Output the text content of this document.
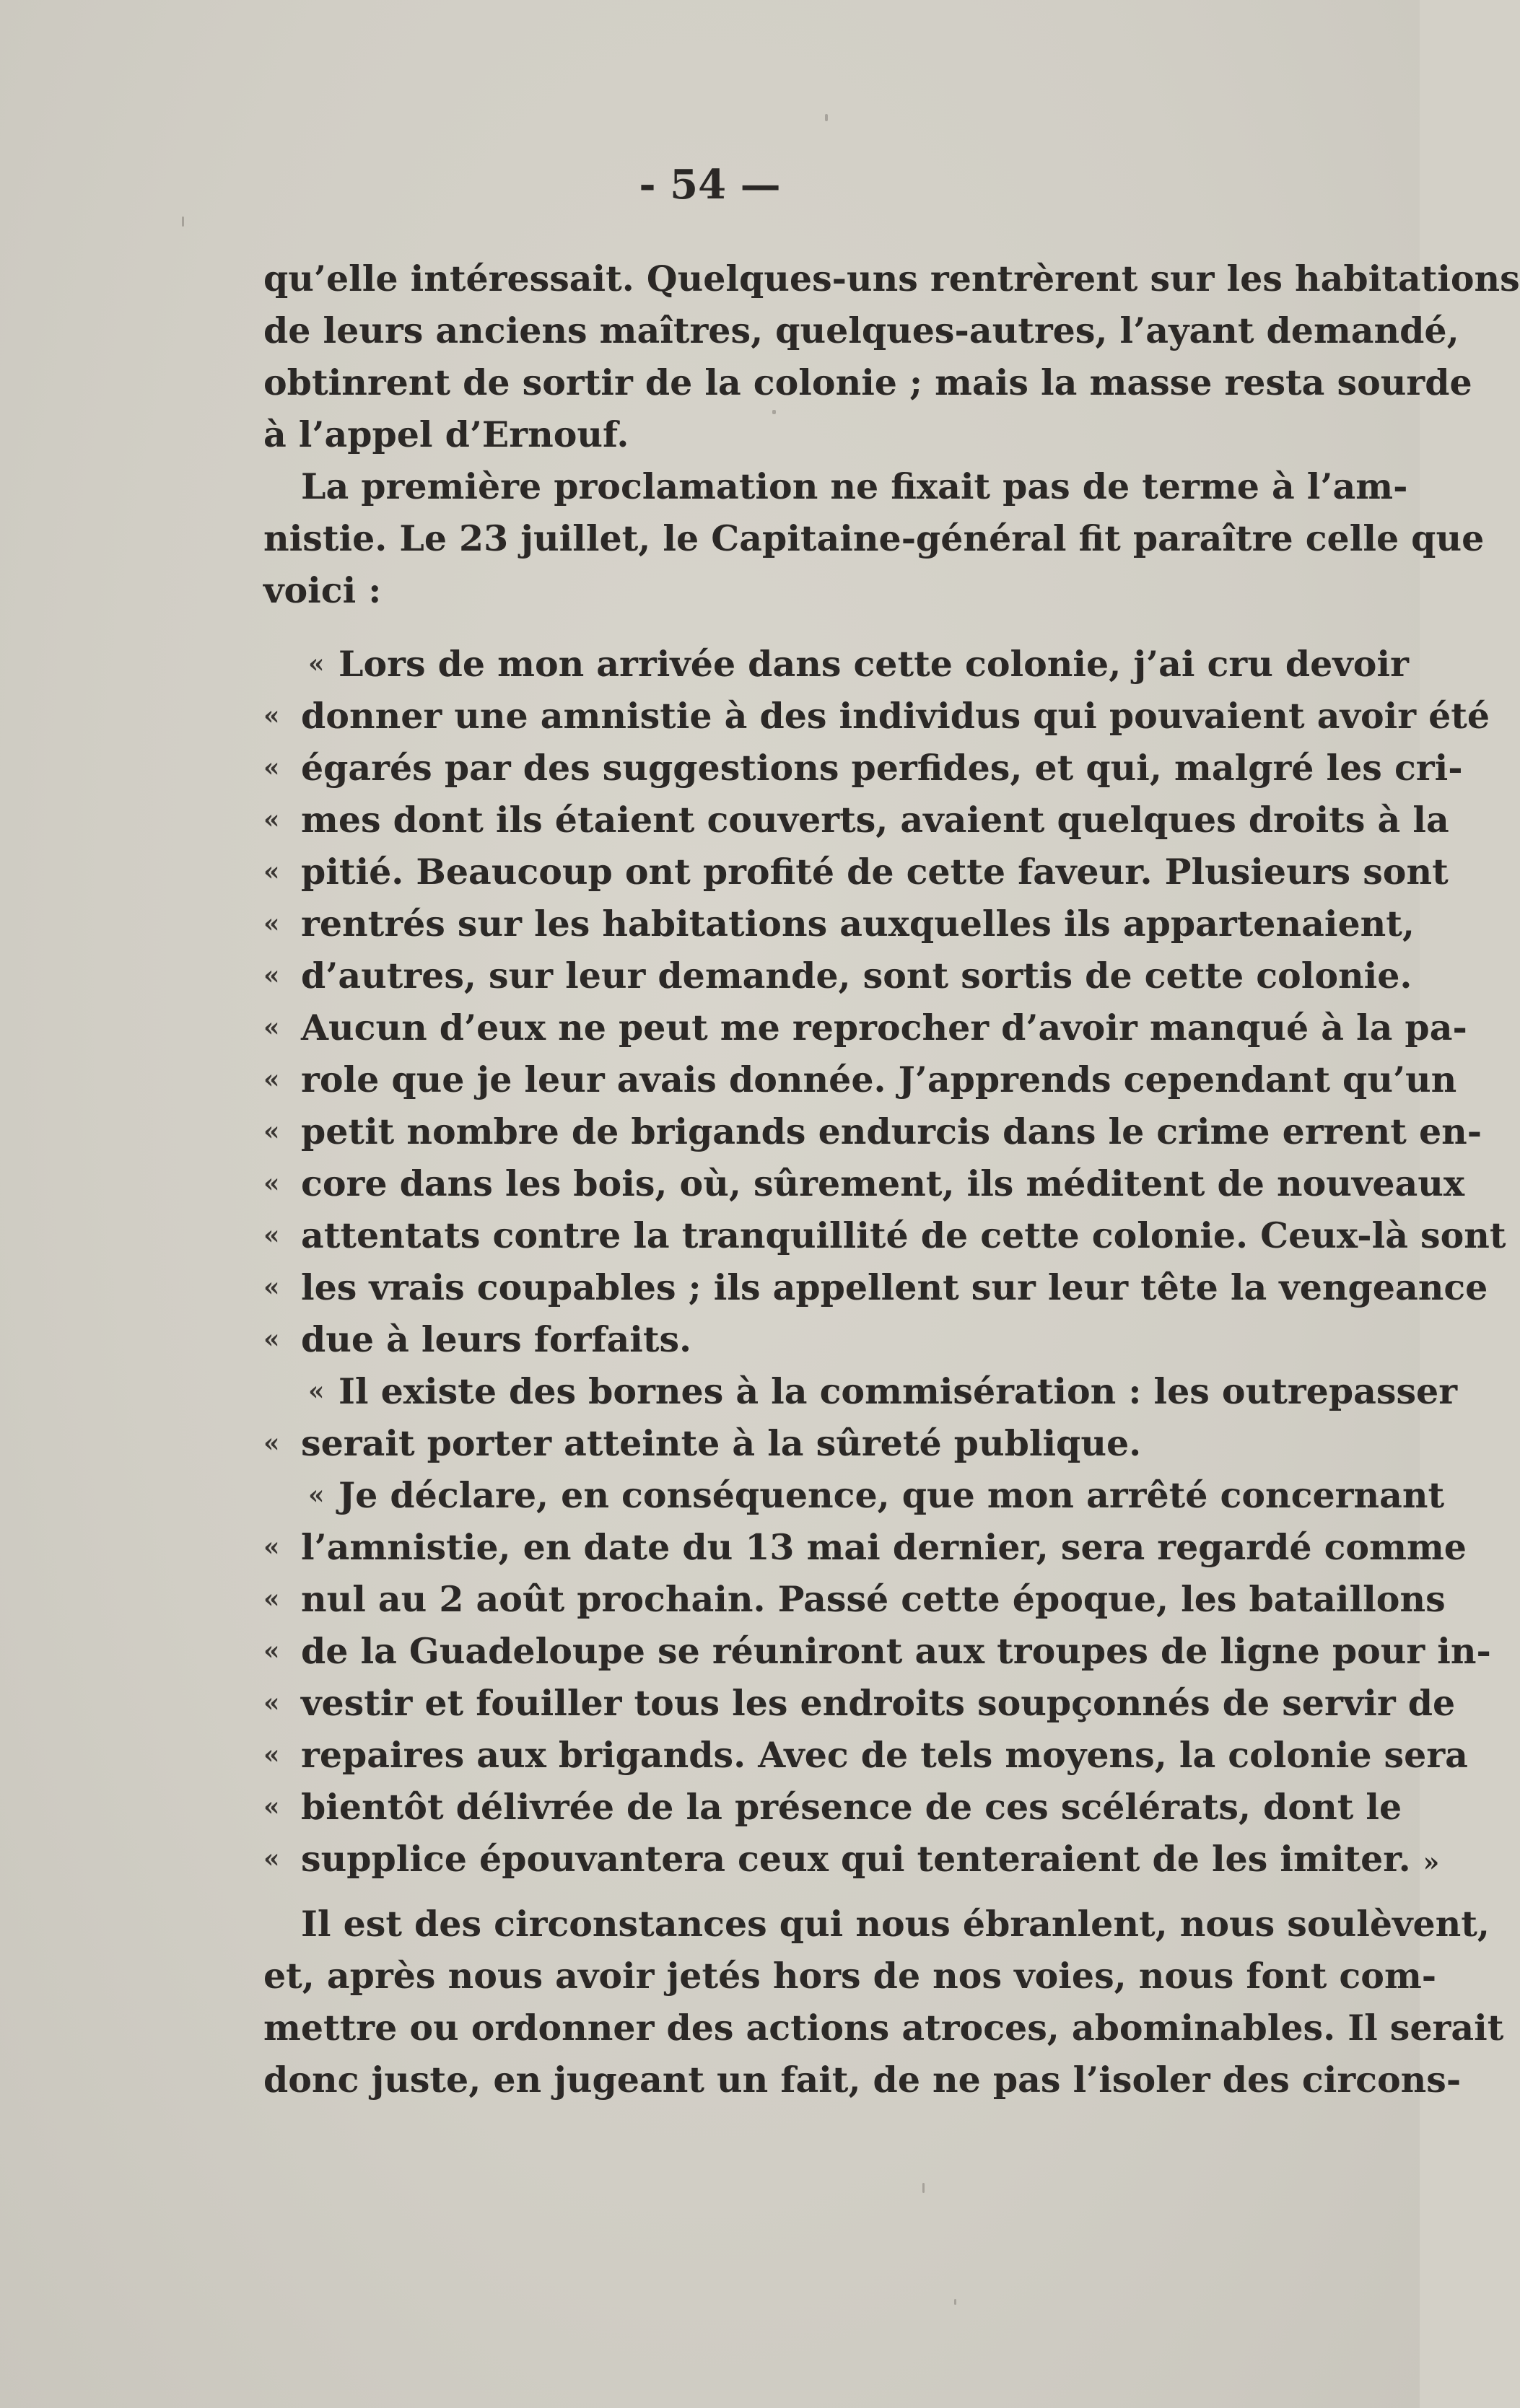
- 54 —
qu’elle intéressait. Quelques-uns rentrèrent sur les habitations
de leurs anciens maîtres, quelques-autres, l’ayant demandé,
obtinrent de sortir de la colonie ; mais la masse resta sourde
à l’appel d’Ernouf.
La première proclamation ne fixait pas de terme à l’am-
nistie. Le 23 juillet, le Capitaine-général fit paraître celle que
voici :
« Lors de mon arrivée dans cette colonie, j’ai cru devoir
« donner une amnistie à des individus qui pouvaient avoir été
« égarés par des suggestions perfides, et qui, malgré les cri-
« mes dont ils étaient couverts, avaient quelques droits à la
« pitié. Beaucoup ont profité de cette faveur. Plusieurs sont
« rentrés sur les habitations auxquelles ils appartenaient,
« d’autres, sur leur demande, sont sortis de cette colonie.
« Aucun d’eux ne peut me reprocher d’avoir manqué à la pa-
« role que je leur avais donnée. J’apprends cependant qu’un
« petit nombre de brigands endurcis dans le crime errent en-
« core dans les bois, où, sûrement, ils méditent de nouveaux
« attentats contre la tranquillité de cette colonie. Ceux-là sont
« les vrais coupables ; ils appellent sur leur tête la vengeance
« due à leurs forfaits.
« Il existe des bornes à la commisération : les outrepasser
« serait porter atteinte à la sûreté publique.
« Je déclare, en conséquence, que mon arrêté concernant
« l’amnistie, en date du 13 mai dernier, sera regardé comme
« nul au 2 août prochain. Passé cette époque, les bataillons
« de la Guadeloupe se réuniront aux troupes de ligne pour in-
« vestir et fouiller tous les endroits soupçonnés de servir de
« repaires aux brigands. Avec de tels moyens, la colonie sera
« bientôt délivrée de la présence de ces scélérats, dont le
« supplice épouvantera ceux qui tenteraient de les imiter. »
Il est des circonstances qui nous ébranlent, nous soulèvent,
et, après nous avoir jetés hors de nos voies, nous font com-
mettre ou ordonner des actions atroces, abominables. Il serait
donc juste, en jugeant un fait, de ne pas l’isoler des circons-
